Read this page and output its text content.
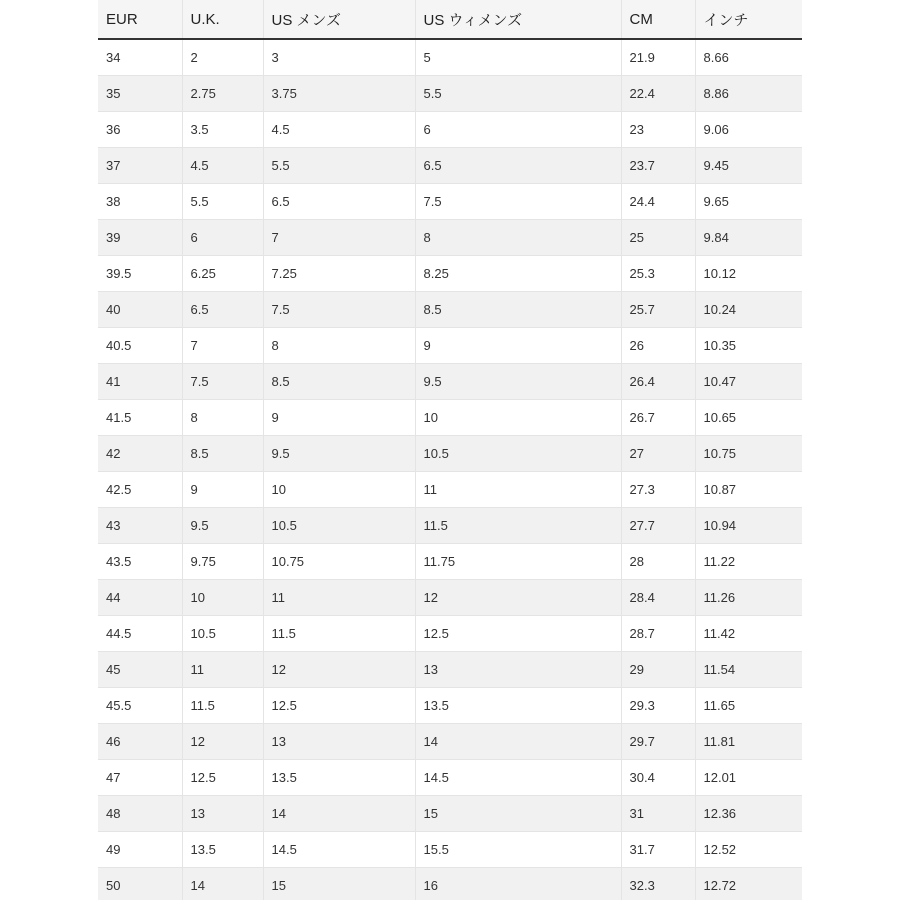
EUR	U.K.	US メンズ	US ウィメンズ	CM	インチ
34	2	3	5	21.9	8.66
35	2.75	3.75	5.5	22.4	8.86
36	3.5	4.5	6	23	9.06
37	4.5	5.5	6.5	23.7	9.45
38	5.5	6.5	7.5	24.4	9.65
39	6	7	8	25	9.84
39.5	6.25	7.25	8.25	25.3	10.12
40	6.5	7.5	8.5	25.7	10.24
40.5	7	8	9	26	10.35
41	7.5	8.5	9.5	26.4	10.47
41.5	8	9	10	26.7	10.65
42	8.5	9.5	10.5	27	10.75
42.5	9	10	11	27.3	10.87
43	9.5	10.5	11.5	27.7	10.94
43.5	9.75	10.75	11.75	28	11.22
44	10	11	12	28.4	11.26
44.5	10.5	11.5	12.5	28.7	11.42
45	11	12	13	29	11.54
45.5	11.5	12.5	13.5	29.3	11.65
46	12	13	14	29.7	11.81
47	12.5	13.5	14.5	30.4	12.01
48	13	14	15	31	12.36
49	13.5	14.5	15.5	31.7	12.52
50	14	15	16	32.3	12.72
